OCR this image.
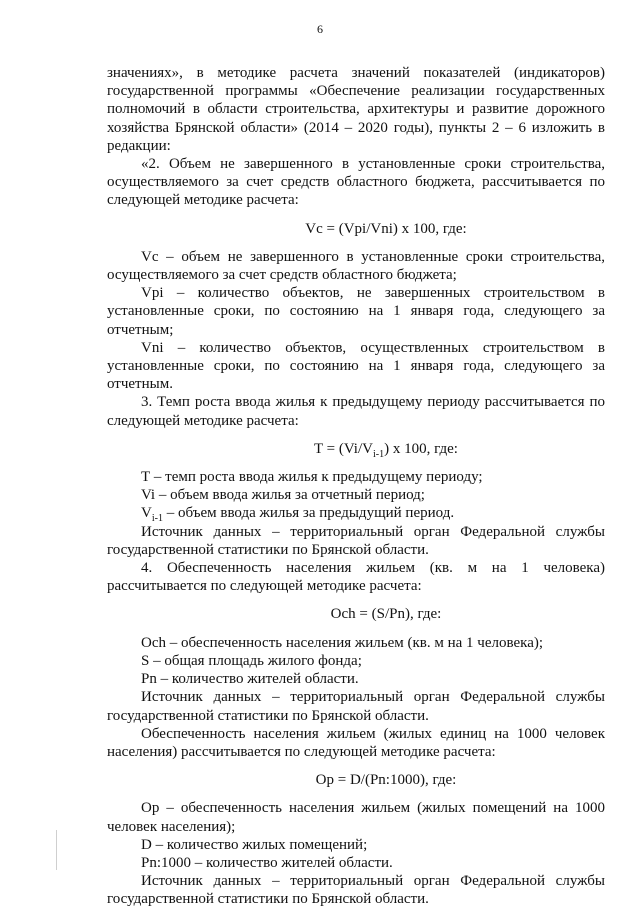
6

значениях», в методике расчета значений показателей (индикаторов) государственной программы «Обеспечение реализации государственных полномочий в области строительства, архитектуры и развитие дорожного хозяйства Брянской области» (2014 – 2020 годы), пункты 2 – 6 изложить в редакции:

«2. Объем не завершенного в установленные сроки строительства, осуществляемого за счет средств областного бюджета, рассчитывается по следующей методике расчета:

Vc = (Vpi/Vni) x 100, где:

Vc – объем не завершенного в установленные сроки строительства, осуществляемого за счет средств областного бюджета;

Vpi – количество объектов, не завершенных строительством в установленные сроки, по состоянию на 1 января года, следующего за отчетным;

Vni – количество объектов, осуществленных строительством в установленные сроки, по состоянию на 1 января года, следующего за отчетным.

3. Темп роста ввода жилья к предыдущему периоду рассчитывается по следующей методике расчета:

$T = (Vi/V_{i-1})$ x 100, где:

Т – темп роста ввода жилья к предыдущему периоду;

Vi – объем ввода жилья за отчетный период;

$V_{i-1}$ – объем ввода жилья за предыдущий период.

Источник данных – территориальный орган Федеральной службы государственной статистики по Брянской области.

4. Обеспеченность населения жильем (кв. м на 1 человека) рассчитывается по следующей методике расчета:

Och = (S/Pn), где:

Och – обеспеченность населения жильем (кв. м на 1 человека);

S – общая площадь жилого фонда;

Pn – количество жителей области.

Источник данных – территориальный орган Федеральной службы государственной статистики по Брянской области.

Обеспеченность населения жильем (жилых единиц на 1000 человек населения) рассчитывается по следующей методике расчета:

Op = D/(Pn:1000), где:

Op – обеспеченность населения жильем (жилых помещений на 1000 человек населения);

D – количество жилых помещений;

Pn:1000 – количество жителей области.

Источник данных – территориальный орган Федеральной службы государственной статистики по Брянской области.
